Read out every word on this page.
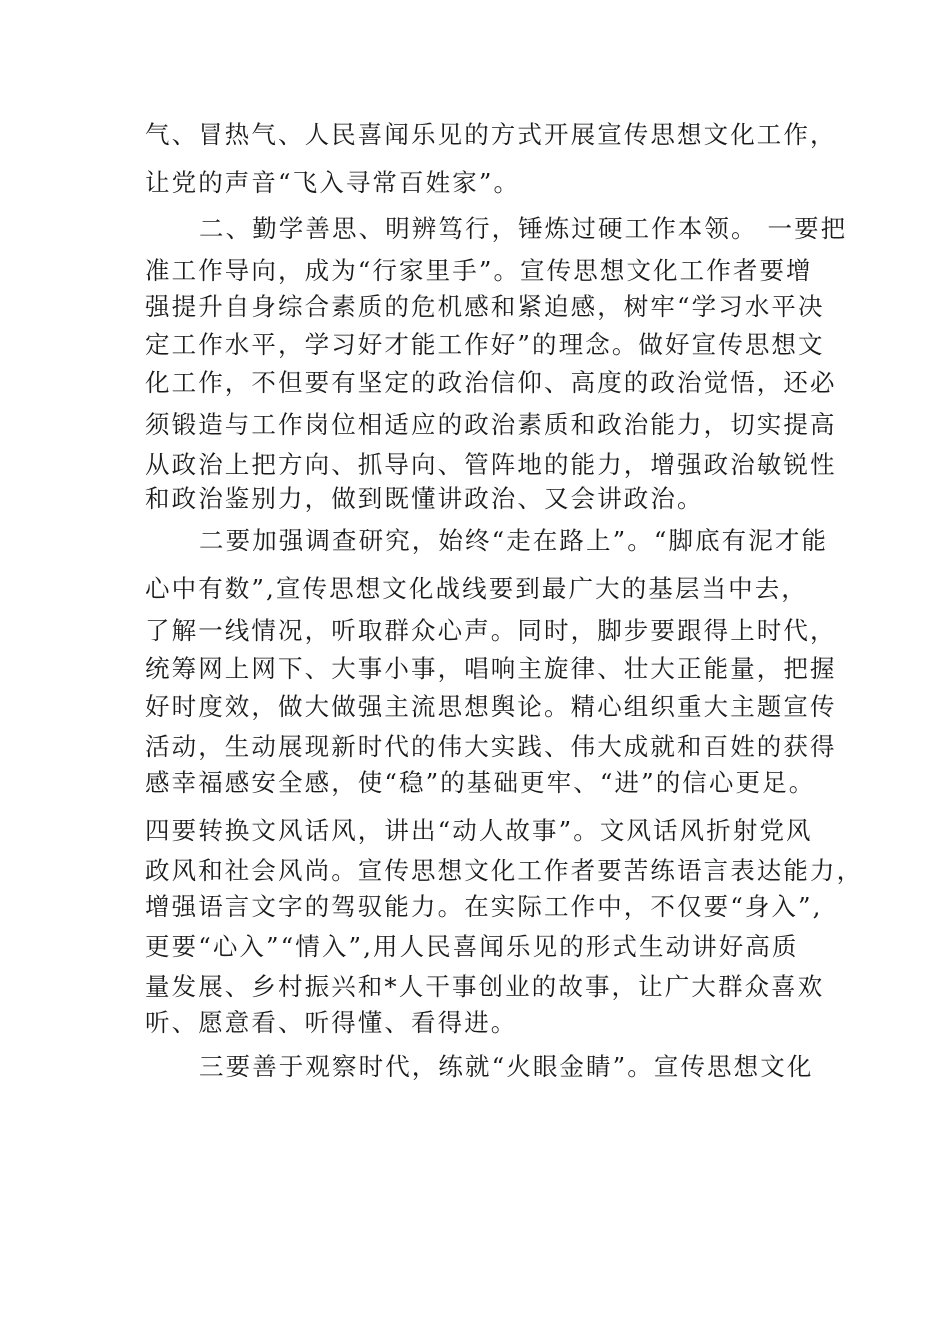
气、冒热气、人民喜闻乐见的方式开展宣传思想文化工作，
让党的声音“飞入寻常百姓家”。
二、勤学善思、明辨笃行，锤炼过硬工作本领。 一要把
准工作导向，成为“行家里手”。宣传思想文化工作者要增
强提升自身综合素质的危机感和紧迫感，树牢“学习水平决
定工作水平，学习好才能工作好”的理念。做好宣传思想文
化工作，不但要有坚定的政治信仰、高度的政治觉悟，还必
须锻造与工作岗位相适应的政治素质和政治能力，切实提高
从政治上把方向、抓导向、管阵地的能力，增强政治敏锐性
和政治鉴别力，做到既懂讲政治、又会讲政治。
二要加强调查研究，始终“走在路上”。“脚底有泥才能
心中有数”,宣传思想文化战线要到最广大的基层当中去，
了解一线情况，听取群众心声。同时，脚步要跟得上时代，
统筹网上网下、大事小事，唱响主旋律、壮大正能量，把握
好时度效，做大做强主流思想舆论。精心组织重大主题宣传
活动，生动展现新时代的伟大实践、伟大成就和百姓的获得
感幸福感安全感，使“稳”的基础更牢、“进”的信心更足。
四要转换文风话风，讲出“动人故事”。文风话风折射党风
政风和社会风尚。宣传思想文化工作者要苦练语言表达能力，
增强语言文字的驾驭能力。在实际工作中，不仅要“身入”,
更要“心入”“情入”,用人民喜闻乐见的形式生动讲好高质
量发展、乡村振兴和*人干事创业的故事，让广大群众喜欢
听、愿意看、听得懂、看得进。
三要善于观察时代，练就“火眼金睛”。宣传思想文化
